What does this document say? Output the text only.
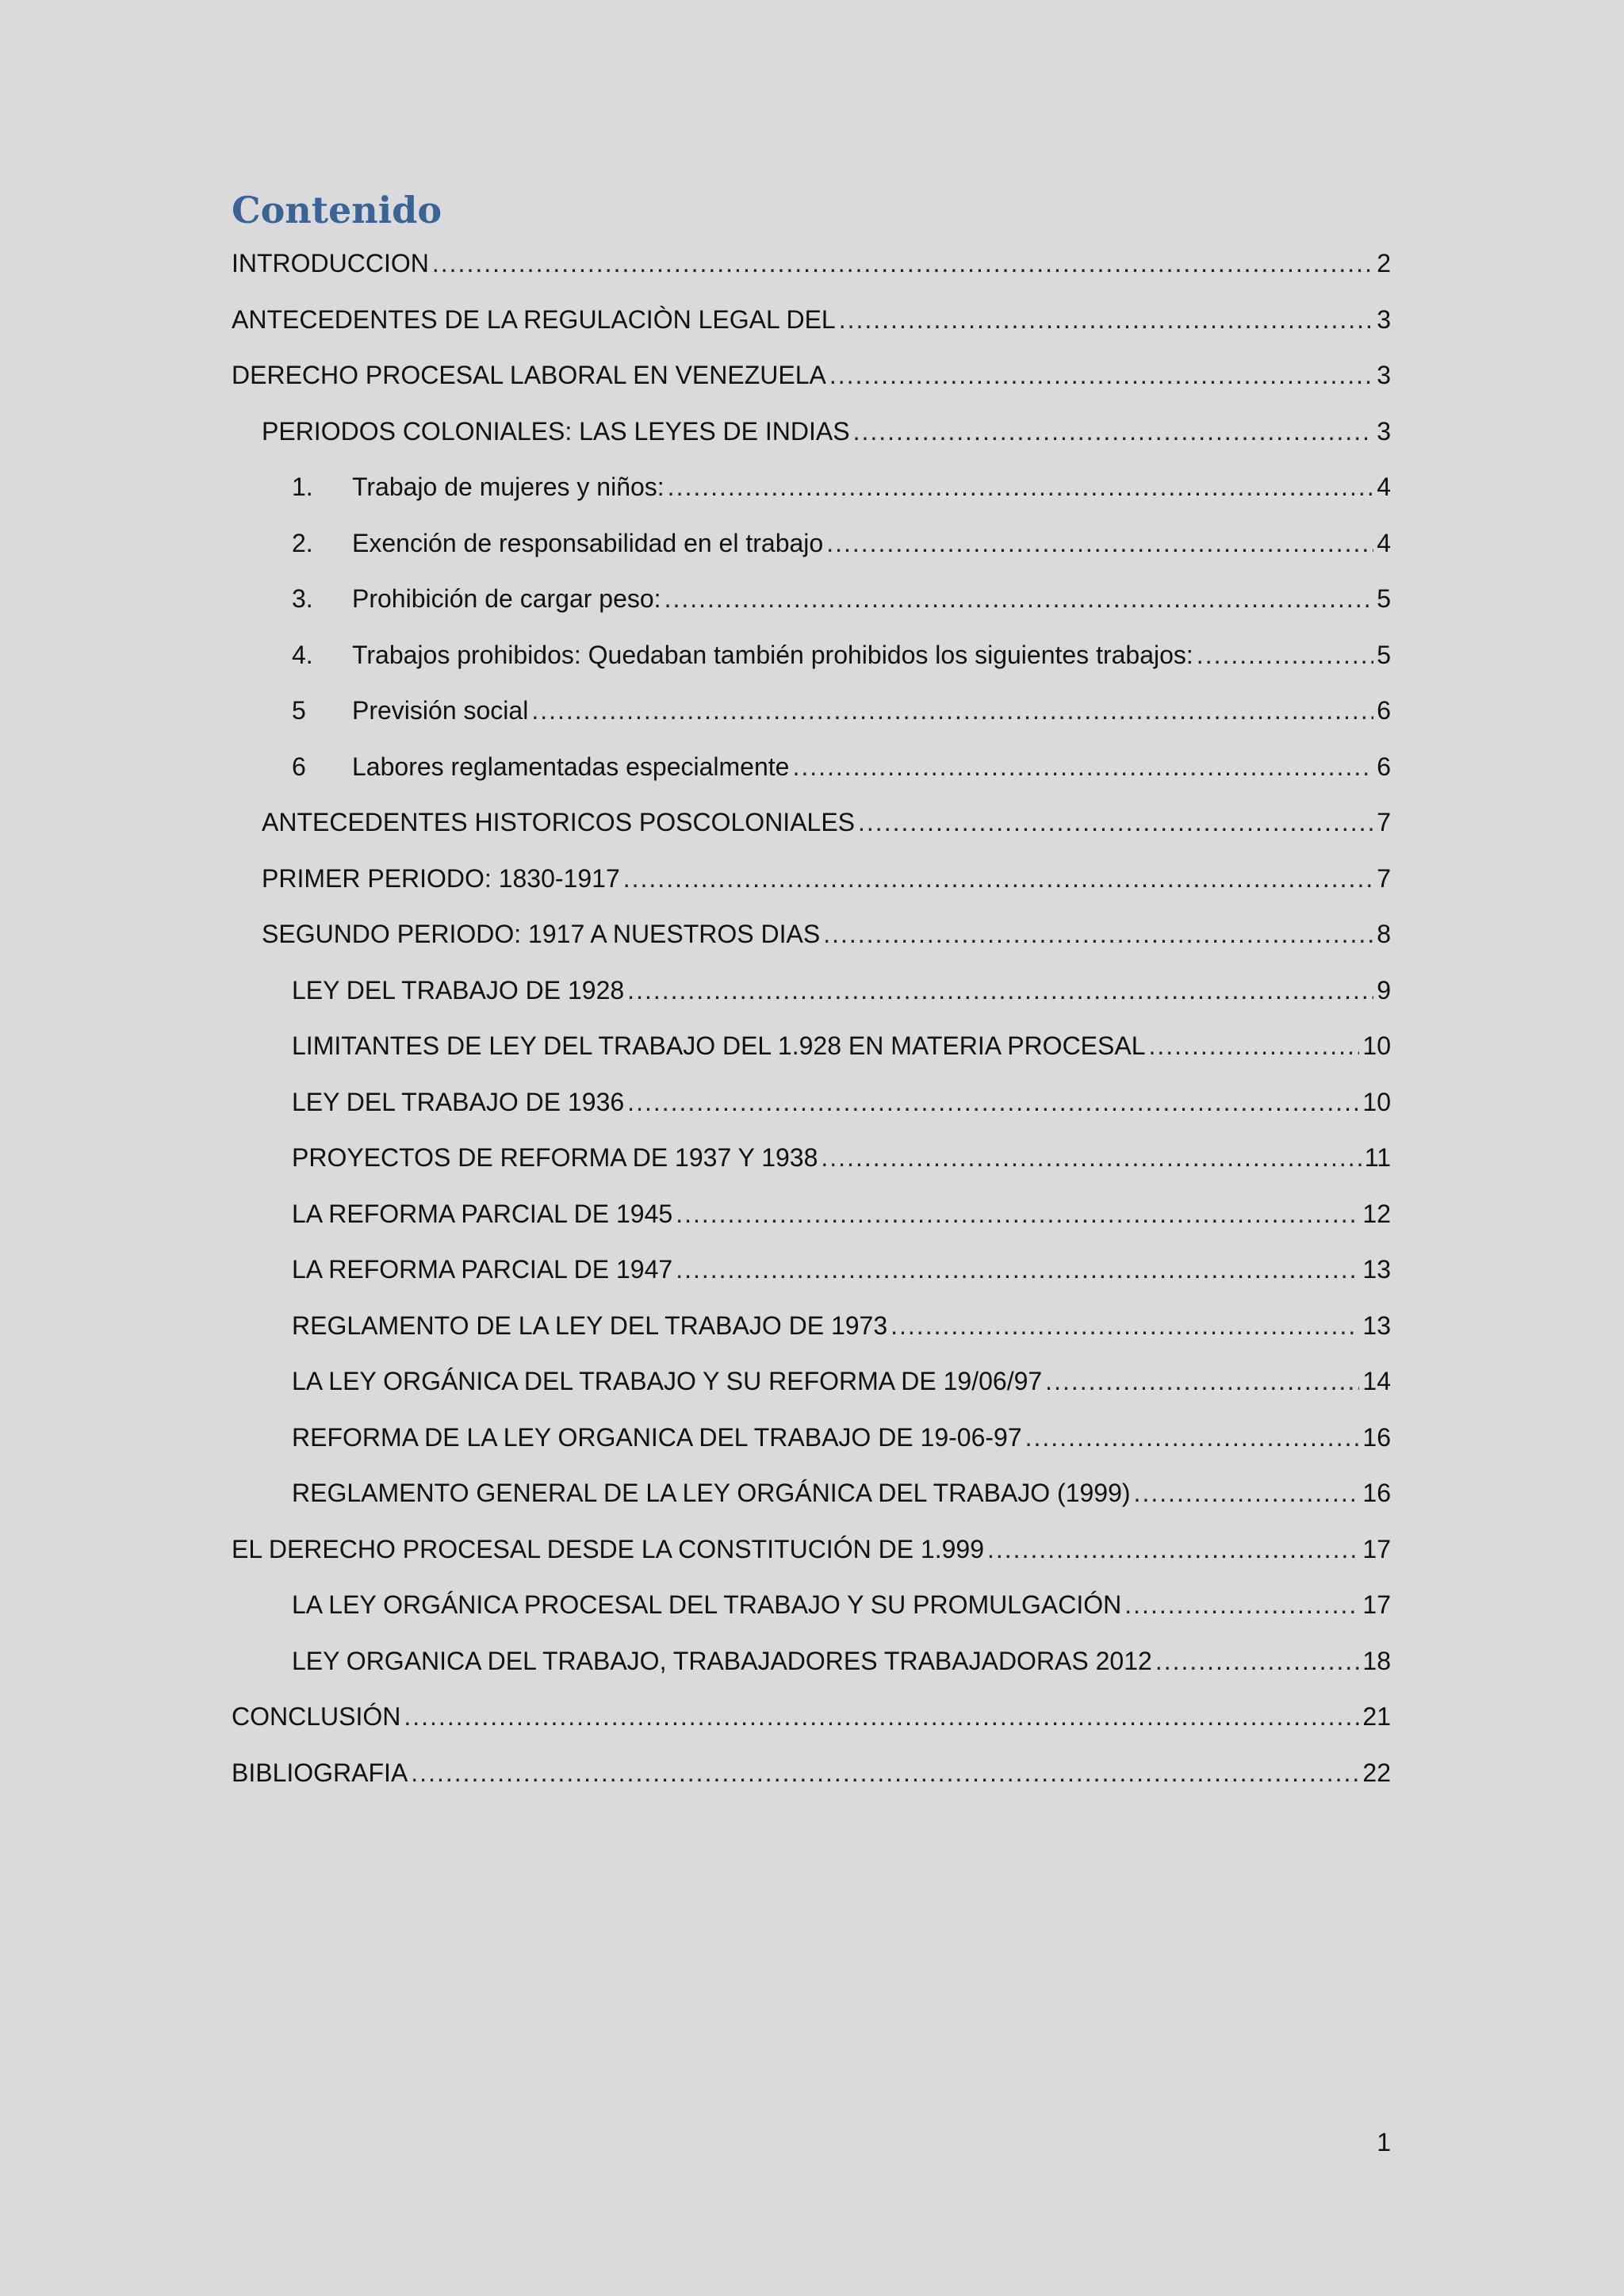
Contenido
INTRODUCCION .....	2
ANTECEDENTES DE LA REGULACIÒN LEGAL DEL .....	3
DERECHO PROCESAL LABORAL EN VENEZUELA .....	3
PERIODOS COLONIALES: LAS LEYES DE INDIAS .....	3
1.	Trabajo de mujeres y niños: .....	4
2.	Exención de responsabilidad en el trabajo .....	4
3.	Prohibición de cargar peso: .....	5
4.	Trabajos prohibidos: Quedaban también prohibidos los siguientes trabajos: .....	5
5	Previsión social .....	6
6	Labores reglamentadas especialmente .....	6
ANTECEDENTES HISTORICOS POSCOLONIALES .....	7
PRIMER PERIODO: 1830-1917 .....	7
SEGUNDO PERIODO: 1917 A NUESTROS DIAS .....	8
LEY DEL TRABAJO DE 1928 .....	9
LIMITANTES DE LEY DEL TRABAJO DEL 1.928 EN MATERIA PROCESAL .....	10
LEY DEL TRABAJO DE 1936 .....	10
PROYECTOS DE REFORMA DE 1937 Y 1938 .....	11
LA REFORMA PARCIAL DE 1945 .....	12
LA REFORMA PARCIAL DE 1947 .....	13
REGLAMENTO DE LA LEY DEL TRABAJO DE 1973 .....	13
LA LEY ORGÁNICA DEL TRABAJO Y SU REFORMA DE 19/06/97 .....	14
REFORMA DE LA LEY ORGANICA DEL TRABAJO DE 19-06-97 .....	16
REGLAMENTO GENERAL DE LA LEY ORGÁNICA DEL TRABAJO (1999) .....	16
EL DERECHO PROCESAL DESDE LA CONSTITUCIÓN DE 1.999 .....	17
LA LEY ORGÁNICA PROCESAL DEL TRABAJO Y SU PROMULGACIÓN .....	17
LEY ORGANICA DEL TRABAJO, TRABAJADORES TRABAJADORAS 2012 .....	18
CONCLUSIÓN .....	21
BIBLIOGRAFIA .....	22
1
